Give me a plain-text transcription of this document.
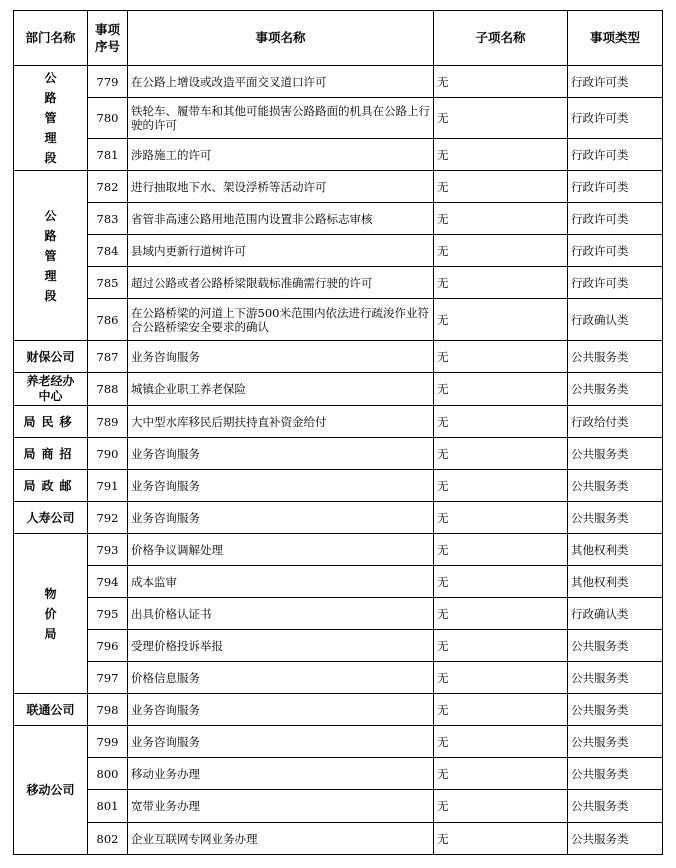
部门名称	事项序号	事项名称	子项名称	事项类型
公路管理段	779	在公路上增设或改造平面交叉道口许可	无	行政许可类
	780	铁轮车、履带车和其他可能损害公路路面的机具在公路上行驶的许可	无	行政许可类
	781	涉路施工的许可	无	行政许可类
公路管理段	782	进行抽取地下水、架设浮桥等活动许可	无	行政许可类
	783	省管非高速公路用地范围内设置非公路标志审核	无	行政许可类
	784	县域内更新行道树许可	无	行政许可类
	785	超过公路或者公路桥梁限载标准确需行驶的许可	无	行政许可类
	786	在公路桥梁的河道上下游500米范围内依法进行疏浚作业符合公路桥梁安全要求的确认	无	行政确认类
财保公司	787	业务咨询服务	无	公共服务类
养老经办中心	788	城镇企业职工养老保险	无	公共服务类
局民移	789	大中型水库移民后期扶持直补资金给付	无	行政给付类
局商招	790	业务咨询服务	无	公共服务类
局政邮	791	业务咨询服务	无	公共服务类
人寿公司	792	业务咨询服务	无	公共服务类
物价局	793	价格争议调解处理	无	其他权利类
	794	成本监审	无	其他权利类
	795	出具价格认证书	无	行政确认类
	796	受理价格投诉举报	无	公共服务类
	797	价格信息服务	无	公共服务类
联通公司	798	业务咨询服务	无	公共服务类
移动公司	799	业务咨询服务	无	公共服务类
	800	移动业务办理	无	公共服务类
	801	宽带业务办理	无	公共服务类
	802	企业互联网专网业务办理	无	公共服务类
